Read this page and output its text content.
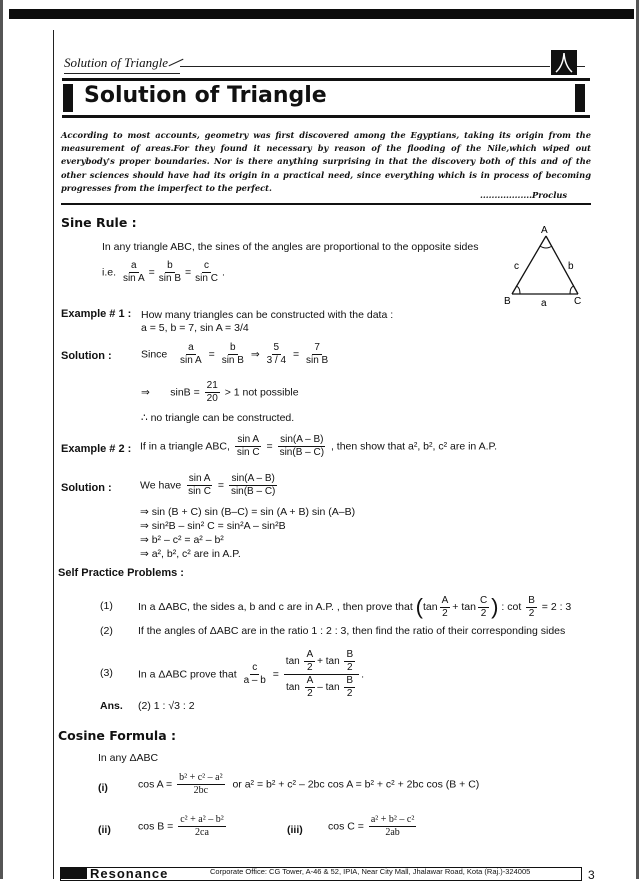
Solution of Triangle
Solution of Triangle
According to most accounts, geometry was first discovered among the Egyptians, taking its origin from the measurement of areas.For they found it necessary by reason of the flooding of the Nile,which wiped out everybody's proper boundaries. Nor is there anything surprising in that the discovery both of this and of the other sciences should have had its origin in a practical need, since everything which is in process of becoming progresses from the imperfect to the perfect.
..................Proclus
Sine Rule :
In any triangle ABC, the sines of the angles are proportional to the opposite sides
i.e. $\frac{a}{\text{sin A}} = \frac{b}{\text{sin B}} = \frac{c}{\text{sin C}}$ .
A
B	C
a
b
c
Example # 1 : How many triangles can be constructed with the data :
a = 5, b = 7, sin A = 3/4
Solution :	Since $\frac{a}{\text{sin A}} = \frac{b}{\text{sin B}}$ ⇒ $\frac{5}{3 / 4} = \frac{7}{\text{sin B}}$
⇒ $\sin B = \frac{21}{20} > 1$ not possible
∴ no triangle can be constructed.
Example # 2 : If in a triangle ABC, $\frac{\text{sin A}}{\text{sin C}} = \frac{\sin(A - B)}{\sin(B - C)}$ , then show that a², b², c² are in A.P.
Solution :	We have $\frac{\text{sin A}}{\text{sin C}} = \frac{\sin(A - B)}{\sin(B - C)}$
⇒ sin (B + C) sin (B–C) = sin (A + B) sin (A–B)
⇒ sin²B – sin² C = sin²A – sin²B
⇒ b² – c² = a² – b²
⇒ a², b², c² are in A.P.
Self Practice Problems :
(1) In a ΔABC, the sides a, b and c are in A.P. , then prove that ($\tan \frac{A}{2} + \tan \frac{C}{2}$ ) : $\cot \frac{B}{2} = 2$ : 3
(2) If the angles of ΔABC are in the ratio 1 : 2 : 3, then find the ratio of their corresponding sides
(3) In a ΔABC prove that $\frac{c}{a - b} = \frac{\tan \frac{A}{2} + \tan \frac{B}{2}}{\tan \frac{A}{2} - \tan \frac{B}{2}}$ .
Ans. (2) 1 : √3 : 2
Cosine Formula :
In any ΔABC
(i)	$\cos A = \frac{\text{b² + c² – a²}}{2bc}$ or a² = b² + c² – 2bc cos A = b² + c² + 2bc cos (B + C)
(ii)	$\cos B = \frac{\text{c² + a² – b²}}{2ca}$	(iii) $\cos C = \frac{\text{a² + b² – c²}}{2ab}$
Resonance	Corporate Office: CG Tower, A-46 & 52, IPIA, Near City Mall, Jhalawar Road, Kota (Raj.)-324005	3
